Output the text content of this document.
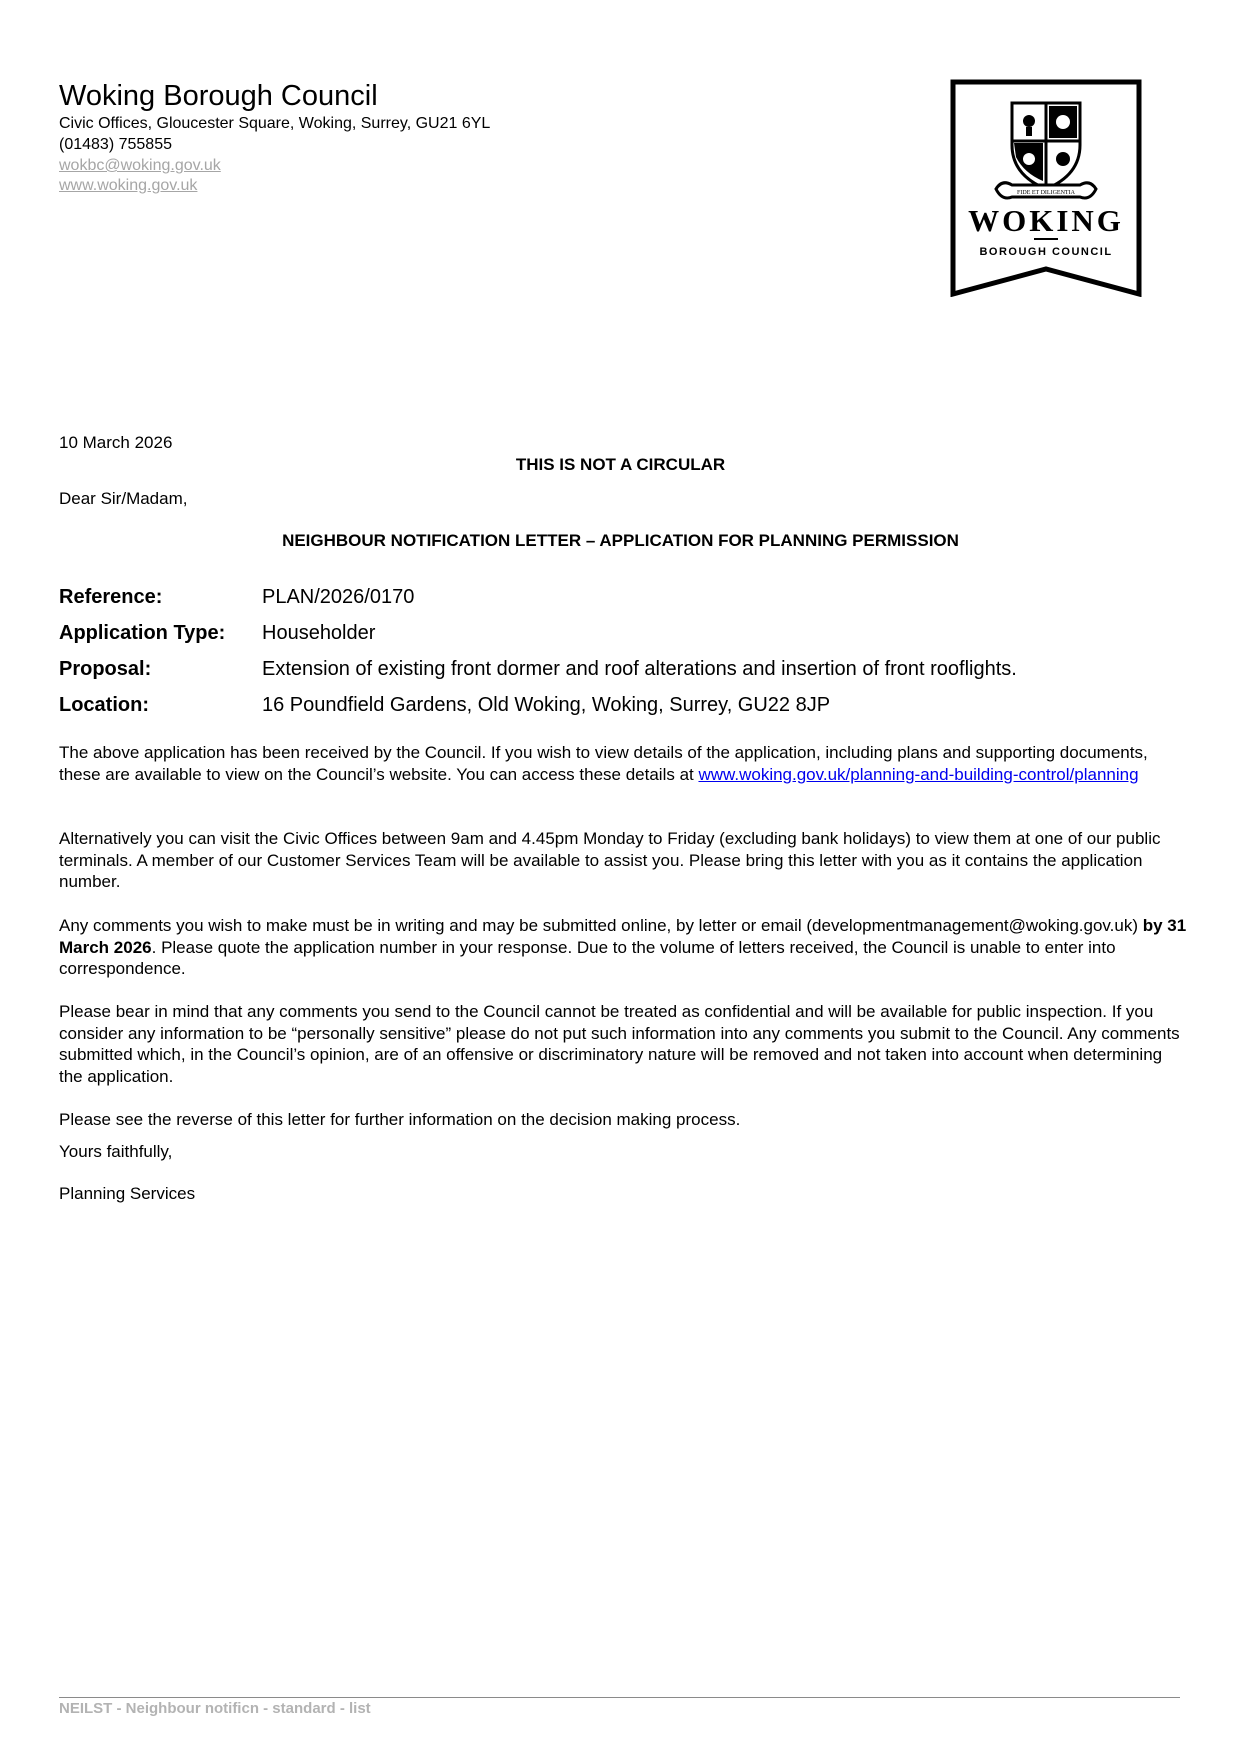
Woking Borough Council
Civic Offices, Gloucester Square, Woking, Surrey, GU21 6YL
(01483) 755855
wokbc@woking.gov.uk
www.woking.gov.uk	FIDE ET DILIGENTIA
WOKING
BOROUGH COUNCIL
10 March 2026
THIS IS NOT A CIRCULAR
Dear Sir/Madam,
NEIGHBOUR NOTIFICATION LETTER – APPLICATION FOR PLANNING PERMISSION
Reference:	PLAN/2026/0170
Application Type:	Householder
Proposal:	Extension of existing front dormer and roof alterations and insertion of front rooflights.
Location:	16 Poundfield Gardens, Old Woking, Woking, Surrey, GU22 8JP
The above application has been received by the Council. If you wish to view details of the application, including plans and supporting documents, these are available to view on the Council’s website. You can access these details at www.woking.gov.uk/planning-and-building-control/planning
Alternatively you can visit the Civic Offices between 9am and 4.45pm Monday to Friday (excluding bank holidays) to view them at one of our public terminals. A member of our Customer Services Team will be available to assist you. Please bring this letter with you as it contains the application number.
Any comments you wish to make must be in writing and may be submitted online, by letter or email (developmentmanagement@woking.gov.uk) by 31 March 2026. Please quote the application number in your response. Due to the volume of letters received, the Council is unable to enter into correspondence.
Please bear in mind that any comments you send to the Council cannot be treated as confidential and will be available for public inspection. If you consider any information to be “personally sensitive” please do not put such information into any comments you submit to the Council. Any comments submitted which, in the Council’s opinion, are of an offensive or discriminatory nature will be removed and not taken into account when determining the application.
Please see the reverse of this letter for further information on the decision making process.
Yours faithfully,
Planning Services
NEILST - Neighbour notificn - standard - list
